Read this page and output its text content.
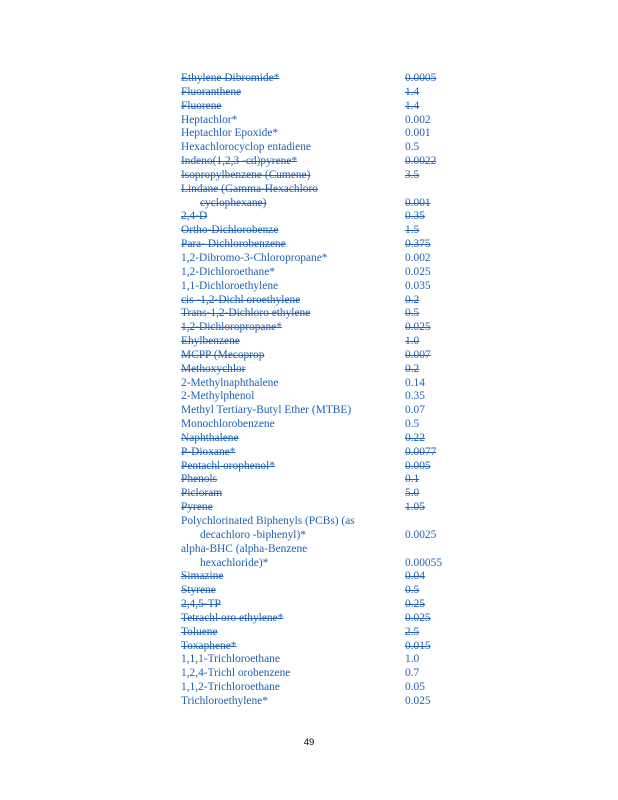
Ethylene Dibromide*	0.0005
Fluoranthene	1.4
Fluorene	1.4
Heptachlor*	0.002
Heptachlor Epoxide*	0.001
Hexachlorocyclop entadiene	0.5
Indeno(1,2,3 -cd)pyrene*	0.0022
Isopropylbenzene (Cumene)	3.5
Lindane (Gamma-Hexachloro
cyclophexane)	0.001
2,4-D	0.35
Ortho-Dichlorobenze	1.5
Para- Dichlorobenzene	0.375
1,2-Dibromo-3-Chloropropane*	0.002
1,2-Dichloroethane*	0.025
1,1-Dichloroethylene	0.035
cis -1,2-Dichl oroethylene	0.2
Trans-1,2-Dichloro ethylene	0.5
1,2-Dichloropropane*	0.025
Ehylbenzene	1.0
MCPP (Mecoprop	0.007
Methoxychlor	0.2
2-Methylnaphthalene	0.14
2-Methylphenol	0.35
Methyl Tertiary-Butyl Ether (MTBE)	0.07
Monochlorobenzene	0.5
Naphthalene	0.22
P-Dioxane*	0.0077
Pentachl orophenol*	0.005
Phenols	0.1
Picloram	5.0
Pyrene	1.05
Polychlorinated Biphenyls (PCBs) (as
decachloro -biphenyl)*	0.0025
alpha-BHC (alpha-Benzene
hexachloride)*	0.00055
Simazine	0.04
Styrene	0.5
2,4,5-TP	0.25
Tetrachl oro ethylene*	0.025
Toluene	2.5
Toxaphene*	0.015
1,1,1-Trichloroethane	1.0
1,2,4-Trichl orobenzene	0.7
1,1,2-Trichloroethane	0.05
Trichloroethylene*	0.025
49
